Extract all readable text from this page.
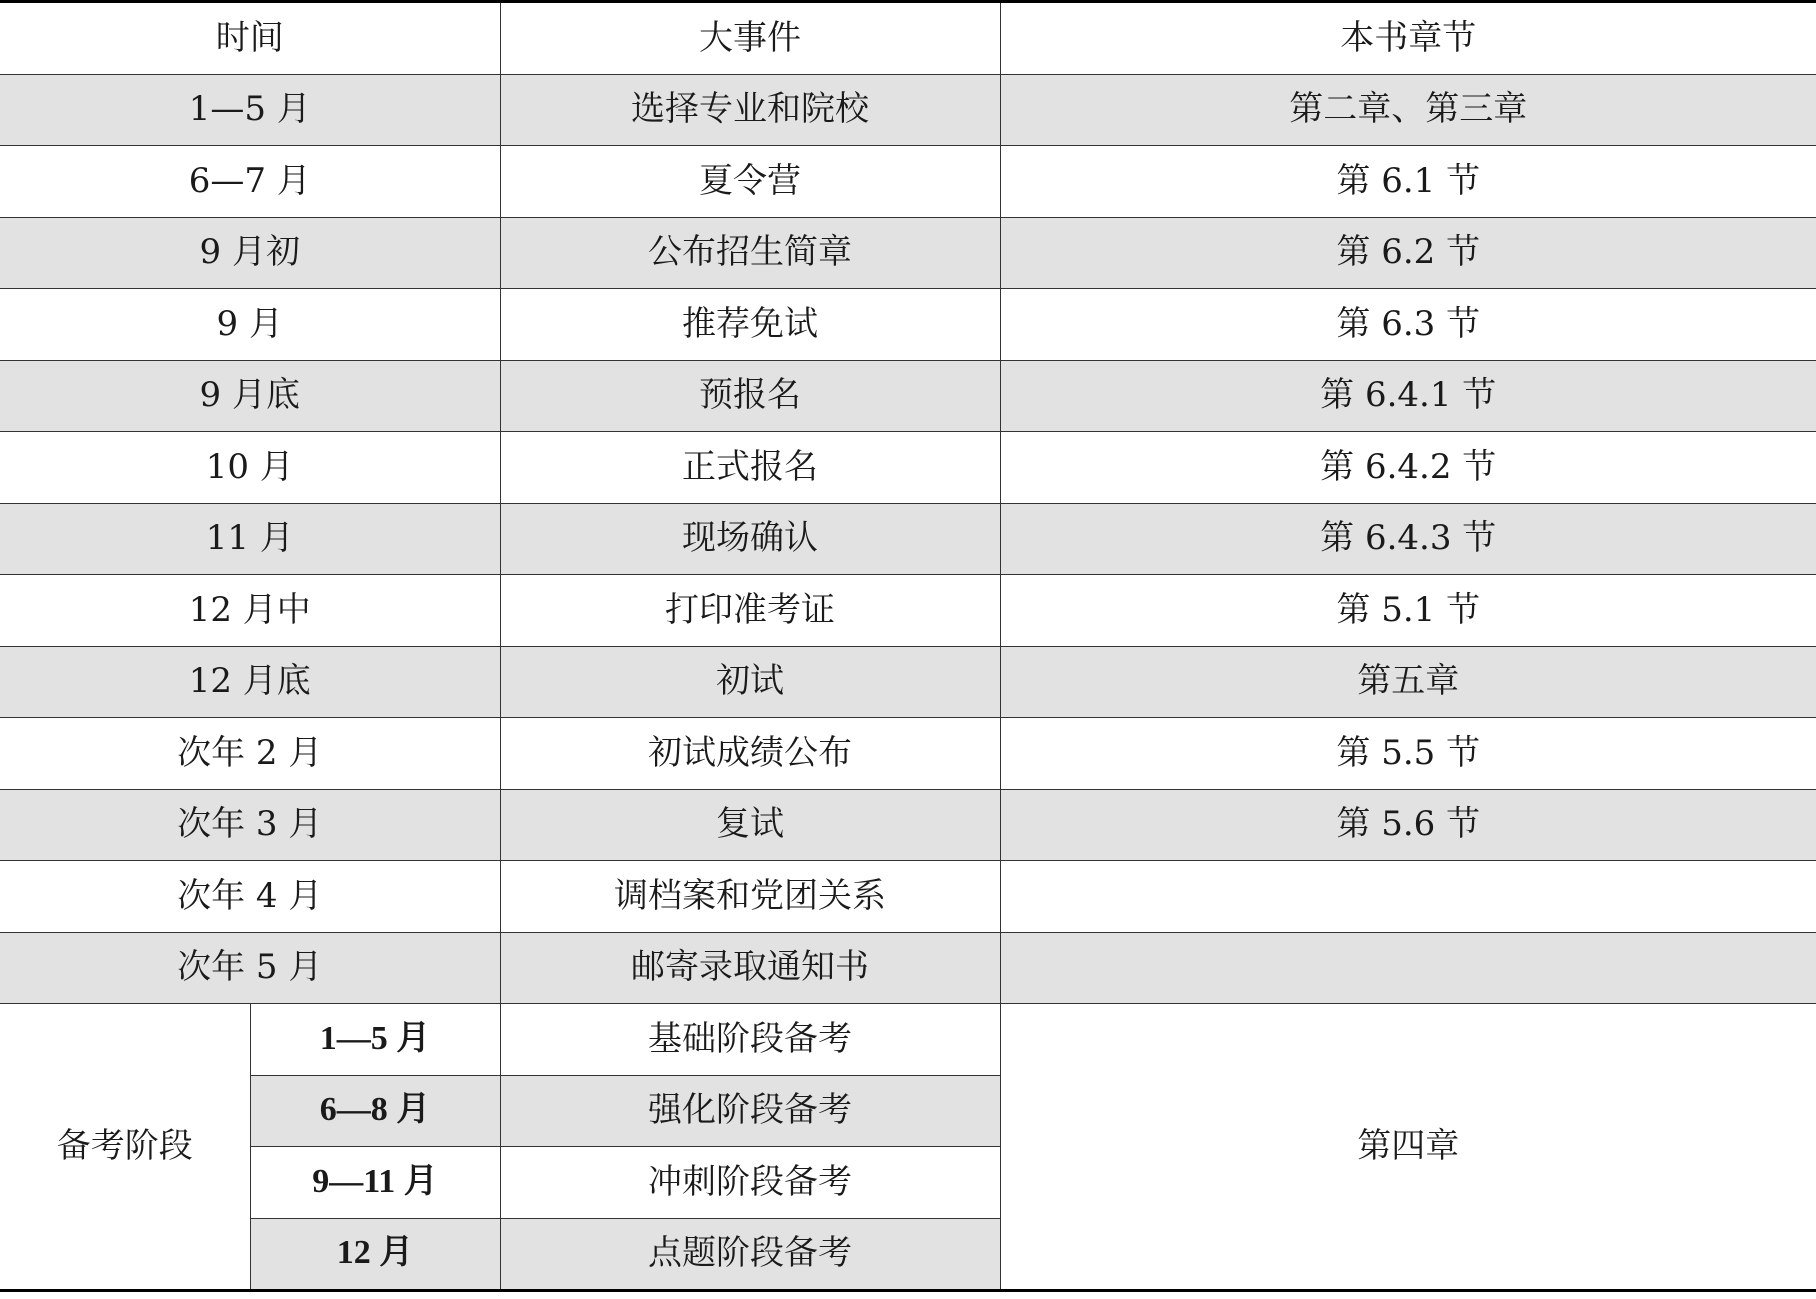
时间		大事件	本书章节
1—5 月		选择专业和院校	第二章、第三章
6—7 月		夏令营	第 6.1 节
9 月初		公布招生简章	第 6.2 节
9 月		推荐免试	第 6.3 节
9 月底		预报名	第 6.4.1 节
10 月		正式报名	第 6.4.2 节
11 月		现场确认	第 6.4.3 节
12 月中		打印准考证	第 5.1 节
12 月底		初试	第五章
次年 2 月		初试成绩公布	第 5.5 节
次年 3 月		复试	第 5.6 节
次年 4 月		调档案和党团关系	
次年 5 月		邮寄录取通知书	
备考阶段	1—5 月	基础阶段备考	第四章
	6—8 月	强化阶段备考	
	9—11 月	冲刺阶段备考	
	12 月	点题阶段备考	
